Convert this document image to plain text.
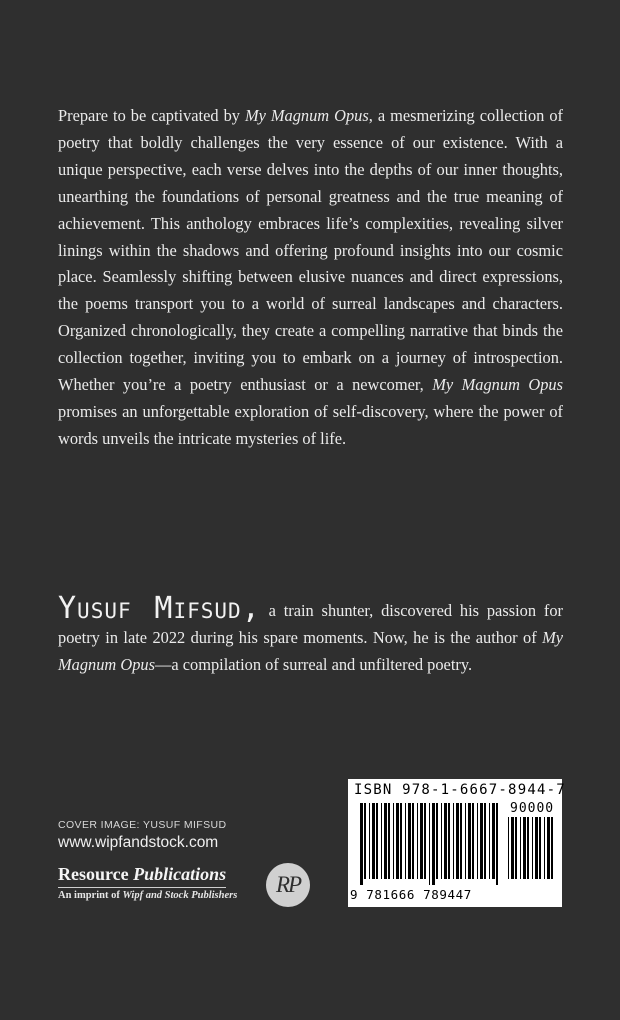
Prepare to be captivated by My Magnum Opus, a mesmerizing collection of poetry that boldly challenges the very essence of our existence. With a unique perspective, each verse delves into the depths of our inner thoughts, unearthing the foundations of personal greatness and the true meaning of achievement. This anthology embraces life’s complexities, revealing silver linings within the shadows and offering profound insights into our cosmic place. Seamlessly shifting between elusive nuances and direct expressions, the poems transport you to a world of surreal landscapes and characters. Organized chronologically, they create a compelling narrative that binds the collection together, inviting you to embark on a journey of introspection. Whether you’re a poetry enthusiast or a newcomer, My Magnum Opus promises an unforgettable exploration of self-discovery, where the power of words unveils the intricate mysteries of life.
Yusuf Mifsud, a train shunter, discovered his passion for poetry in late 2022 during his spare moments. Now, he is the author of My Magnum Opus—a compilation of surreal and unfiltered poetry.
COVER IMAGE: YUSUF MIFSUD
www.wipfandstock.com
Resource Publications
An imprint of Wipf and Stock Publishers	RP
ISBN 978-1-6667-8944-7
90000
9 781666 789447
